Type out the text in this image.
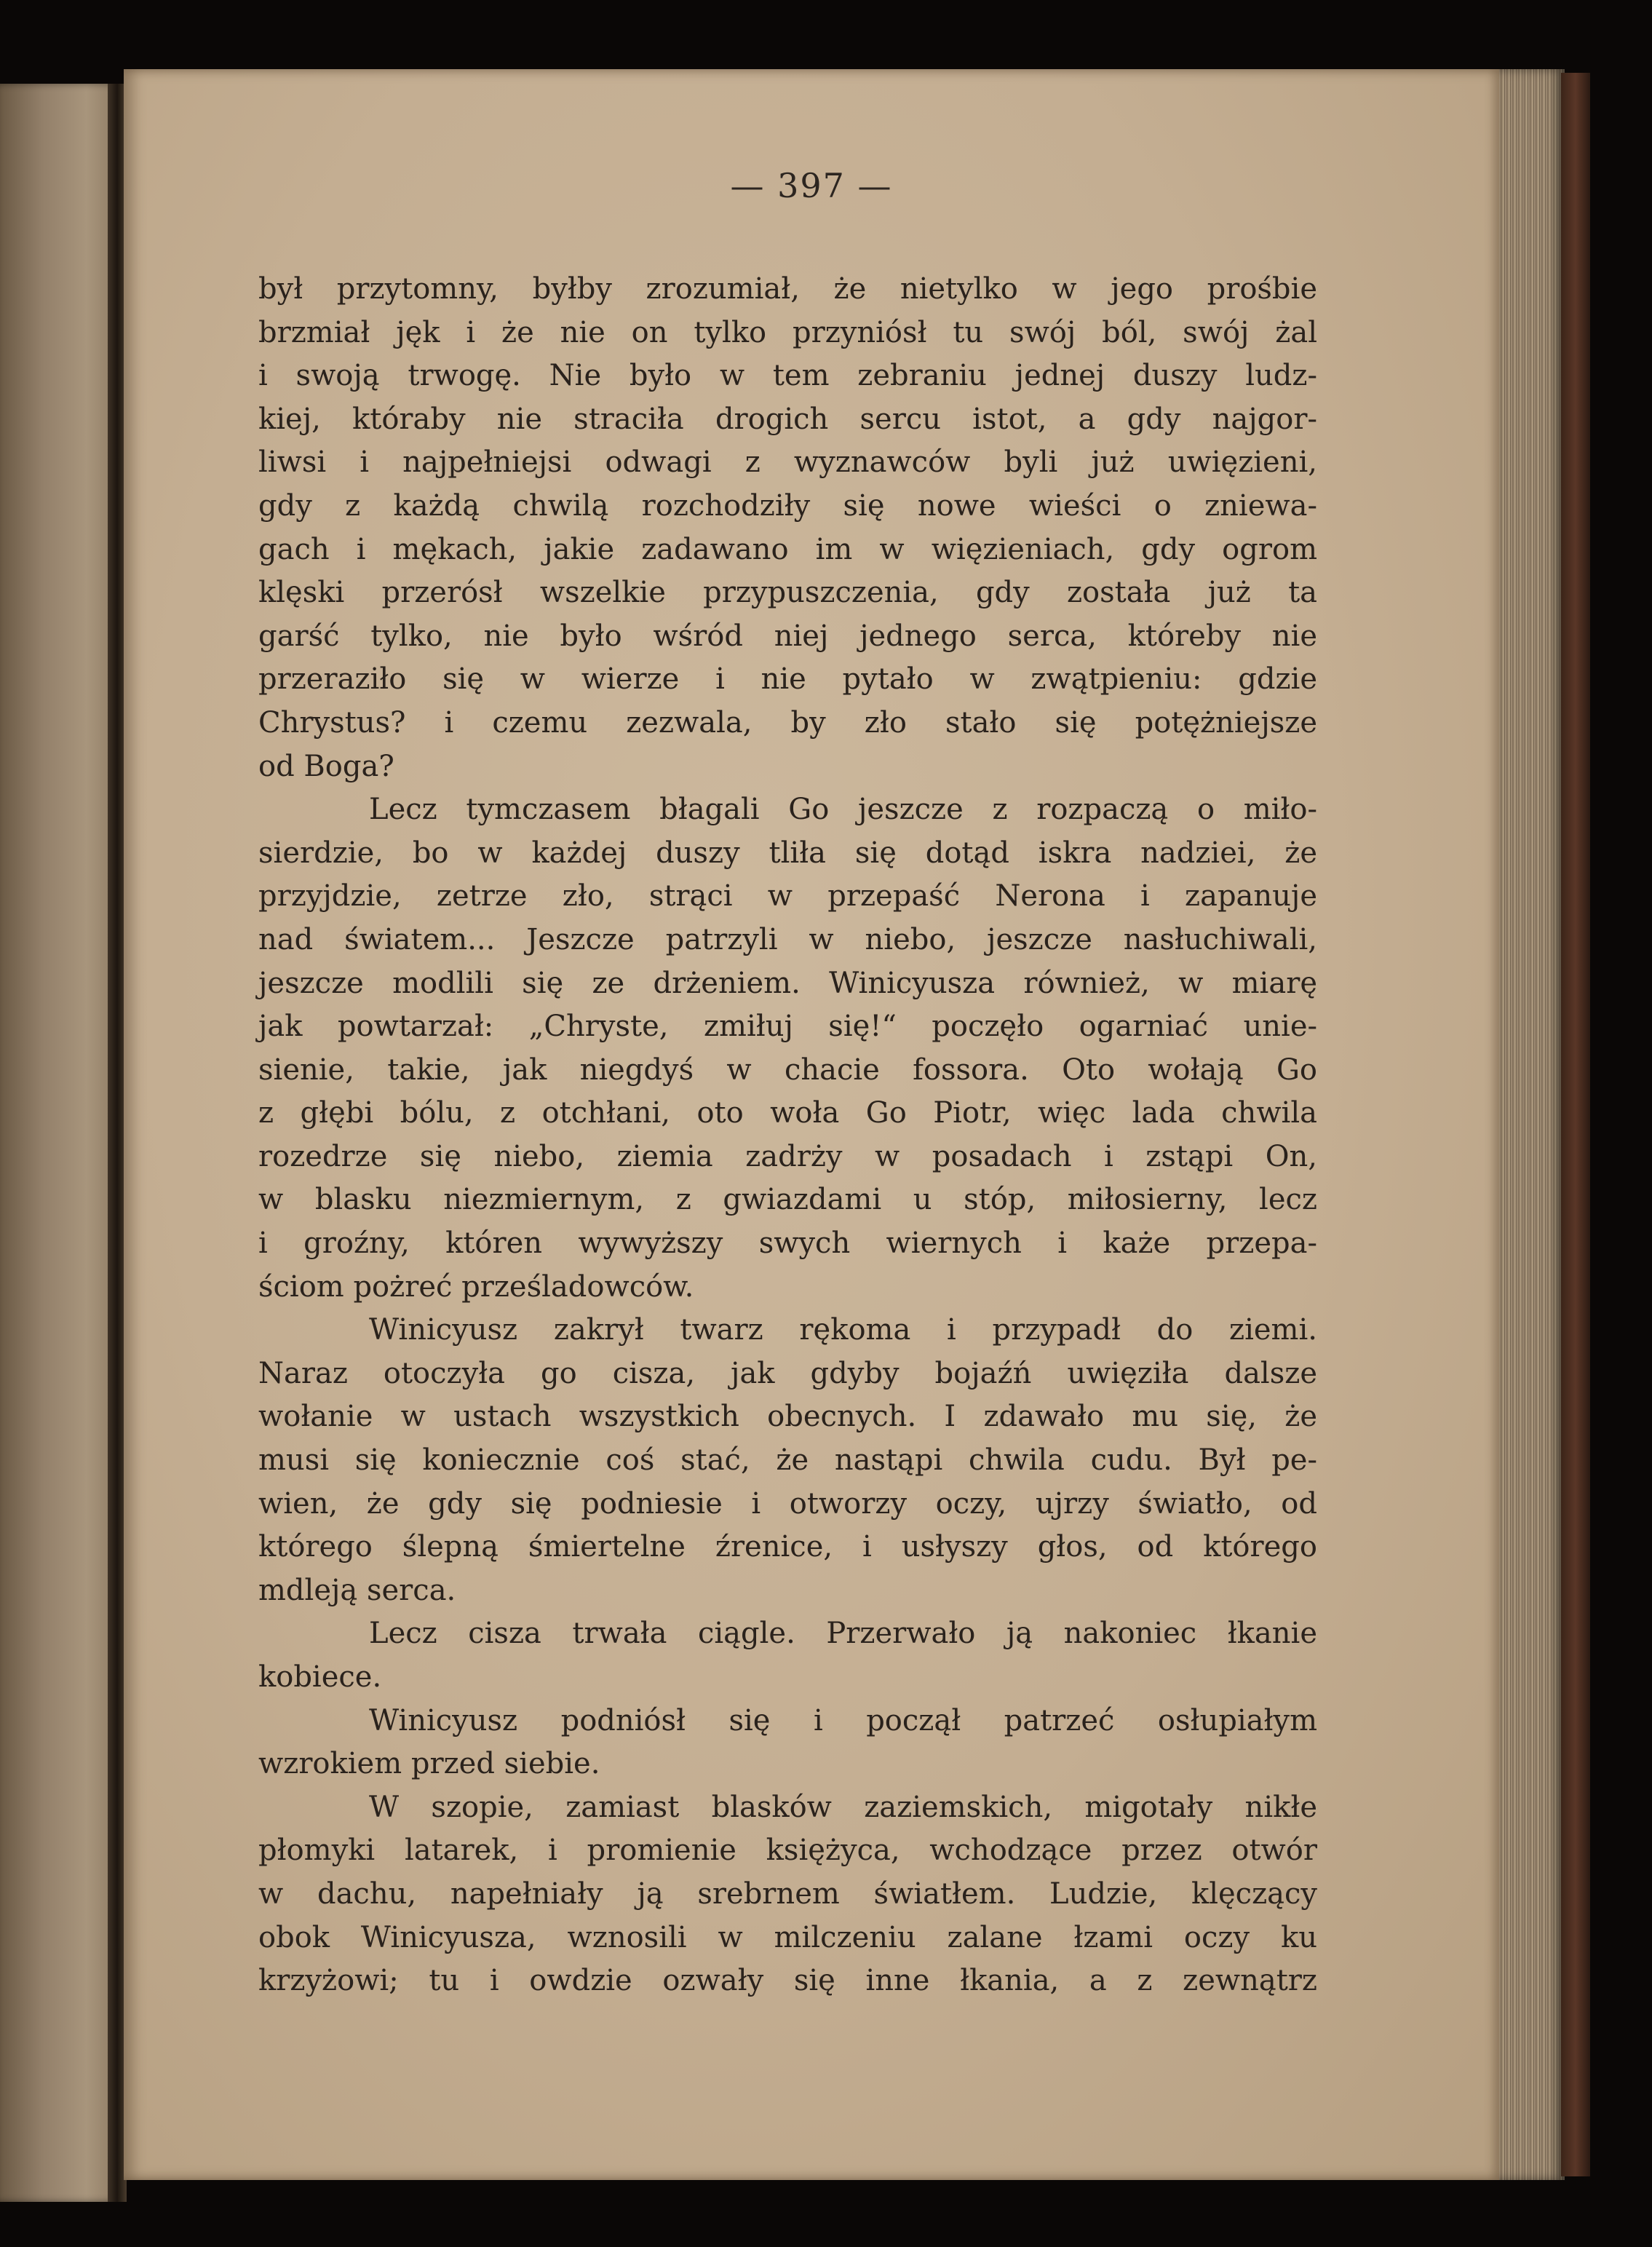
— 397 —
był przytomny, byłby zrozumiał, że nietylko w jego prośbie
brzmiał jęk i że nie on tylko przyniósł tu swój ból, swój żal
i swoją trwogę. Nie było w tem zebraniu jednej duszy ludz-
kiej, któraby nie straciła drogich sercu istot, a gdy najgor-
liwsi i najpełniejsi odwagi z wyznawców byli już uwięzieni,
gdy z każdą chwilą rozchodziły się nowe wieści o zniewa-
gach i mękach, jakie zadawano im w więzieniach, gdy ogrom
klęski przerósł wszelkie przypuszczenia, gdy została już ta
garść tylko, nie było wśród niej jednego serca, któreby nie
przeraziło się w wierze i nie pytało w zwątpieniu: gdzie
Chrystus? i czemu zezwala, by zło stało się potężniejsze
od Boga?
Lecz tymczasem błagali Go jeszcze z rozpaczą o miło-
sierdzie, bo w każdej duszy tliła się dotąd iskra nadziei, że
przyjdzie, zetrze zło, strąci w przepaść Nerona i zapanuje
nad światem... Jeszcze patrzyli w niebo, jeszcze nasłuchiwali,
jeszcze modlili się ze drżeniem. Winicyusza również, w miarę
jak powtarzał: „Chryste, zmiłuj się!“ poczęło ogarniać unie-
sienie, takie, jak niegdyś w chacie fossora. Oto wołają Go
z głębi bólu, z otchłani, oto woła Go Piotr, więc lada chwila
rozedrze się niebo, ziemia zadrży w posadach i zstąpi On,
w blasku niezmiernym, z gwiazdami u stóp, miłosierny, lecz
i groźny, któren wywyższy swych wiernych i każe przepa-
ściom pożreć prześladowców.
Winicyusz zakrył twarz rękoma i przypadł do ziemi.
Naraz otoczyła go cisza, jak gdyby bojaźń uwięziła dalsze
wołanie w ustach wszystkich obecnych. I zdawało mu się, że
musi się koniecznie coś stać, że nastąpi chwila cudu. Był pe-
wien, że gdy się podniesie i otworzy oczy, ujrzy światło, od
którego ślepną śmiertelne źrenice, i usłyszy głos, od którego
mdleją serca.
Lecz cisza trwała ciągle. Przerwało ją nakoniec łkanie
kobiece.
Winicyusz podniósł się i począł patrzeć osłupiałym
wzrokiem przed siebie.
W szopie, zamiast blasków zaziemskich, migotały nikłe
płomyki latarek, i promienie księżyca, wchodzące przez otwór
w dachu, napełniały ją srebrnem światłem. Ludzie, klęczący
obok Winicyusza, wznosili w milczeniu zalane łzami oczy ku
krzyżowi; tu i owdzie ozwały się inne łkania, a z zewnątrz
